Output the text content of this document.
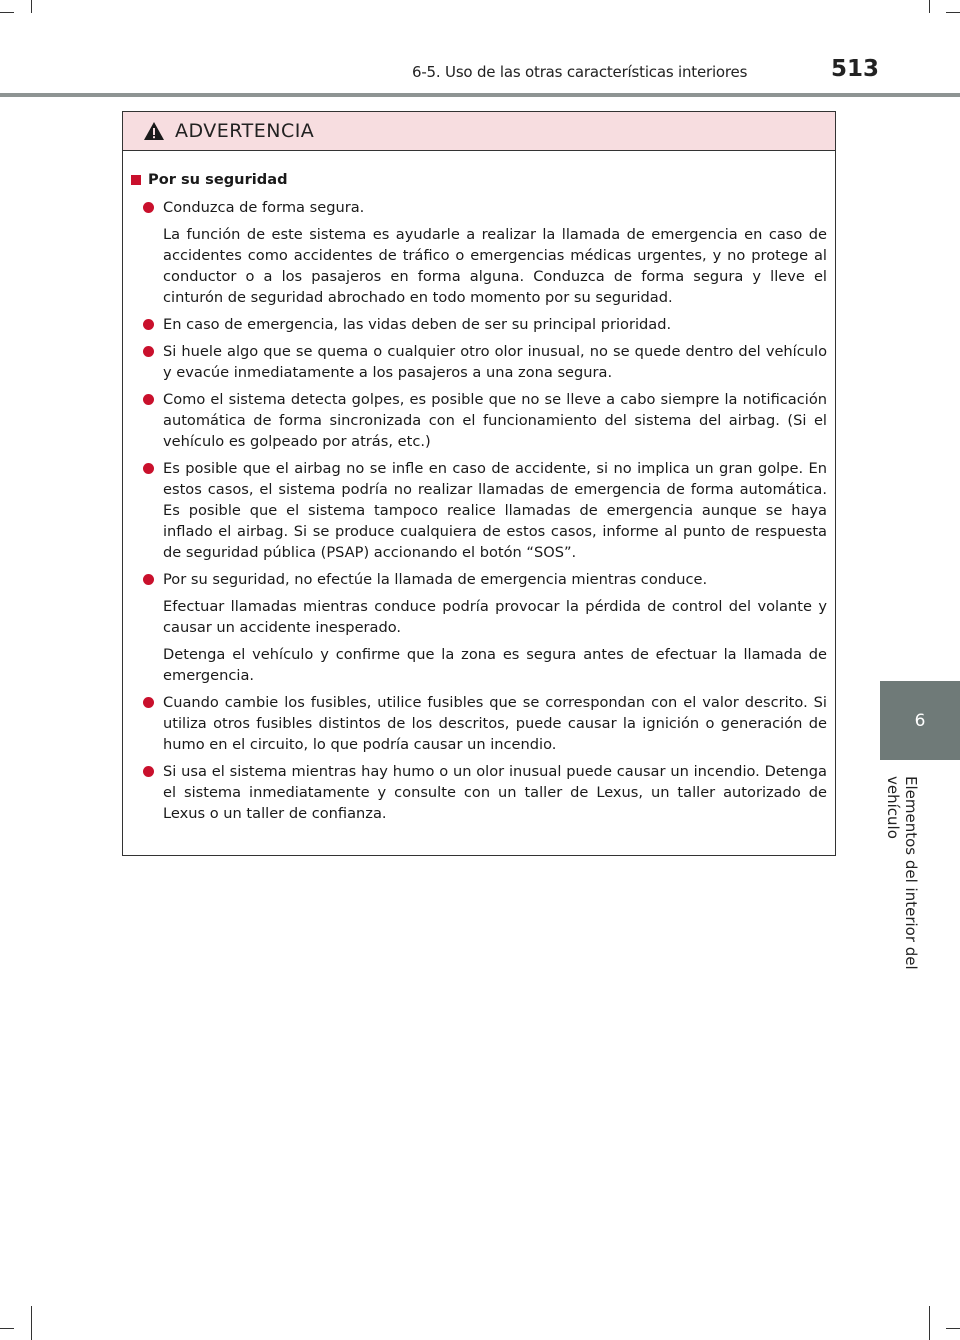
6-5. Uso de las otras características interiores	513
6
Elementos del interior del vehículo
ADVERTENCIA
Por su seguridad
Conduzca de forma segura.
La función de este sistema es ayudarle a realizar la llamada de emergencia en caso de accidentes como accidentes de tráfico o emergencias médicas urgentes, y no protege al conductor o a los pasajeros en forma alguna. Conduzca de forma segura y lleve el cinturón de seguridad abrochado en todo momento por su seguridad.
En caso de emergencia, las vidas deben de ser su principal prioridad.
Si huele algo que se quema o cualquier otro olor inusual, no se quede dentro del vehículo y evacúe inmediatamente a los pasajeros a una zona segura.
Como el sistema detecta golpes, es posible que no se lleve a cabo siempre la notificación automática de forma sincronizada con el funcionamiento del sistema del airbag. (Si el vehículo es golpeado por atrás, etc.)
Es posible que el airbag no se infle en caso de accidente, si no implica un gran golpe. En estos casos, el sistema podría no realizar llamadas de emergencia de forma automática. Es posible que el sistema tampoco realice llamadas de emergencia aunque se haya inflado el airbag. Si se produce cualquiera de estos casos, informe al punto de respuesta de seguridad pública (PSAP) accionando el botón “SOS”.
Por su seguridad, no efectúe la llamada de emergencia mientras conduce.
Efectuar llamadas mientras conduce podría provocar la pérdida de control del volante y causar un accidente inesperado.
Detenga el vehículo y confirme que la zona es segura antes de efectuar la llamada de emergencia.
Cuando cambie los fusibles, utilice fusibles que se correspondan con el valor descrito. Si utiliza otros fusibles distintos de los descritos, puede causar la ignición o generación de humo en el circuito, lo que podría causar un incendio.
Si usa el sistema mientras hay humo o un olor inusual puede causar un incendio. Detenga el sistema inmediatamente y consulte con un taller de Lexus, un taller autorizado de Lexus o un taller de confianza.
